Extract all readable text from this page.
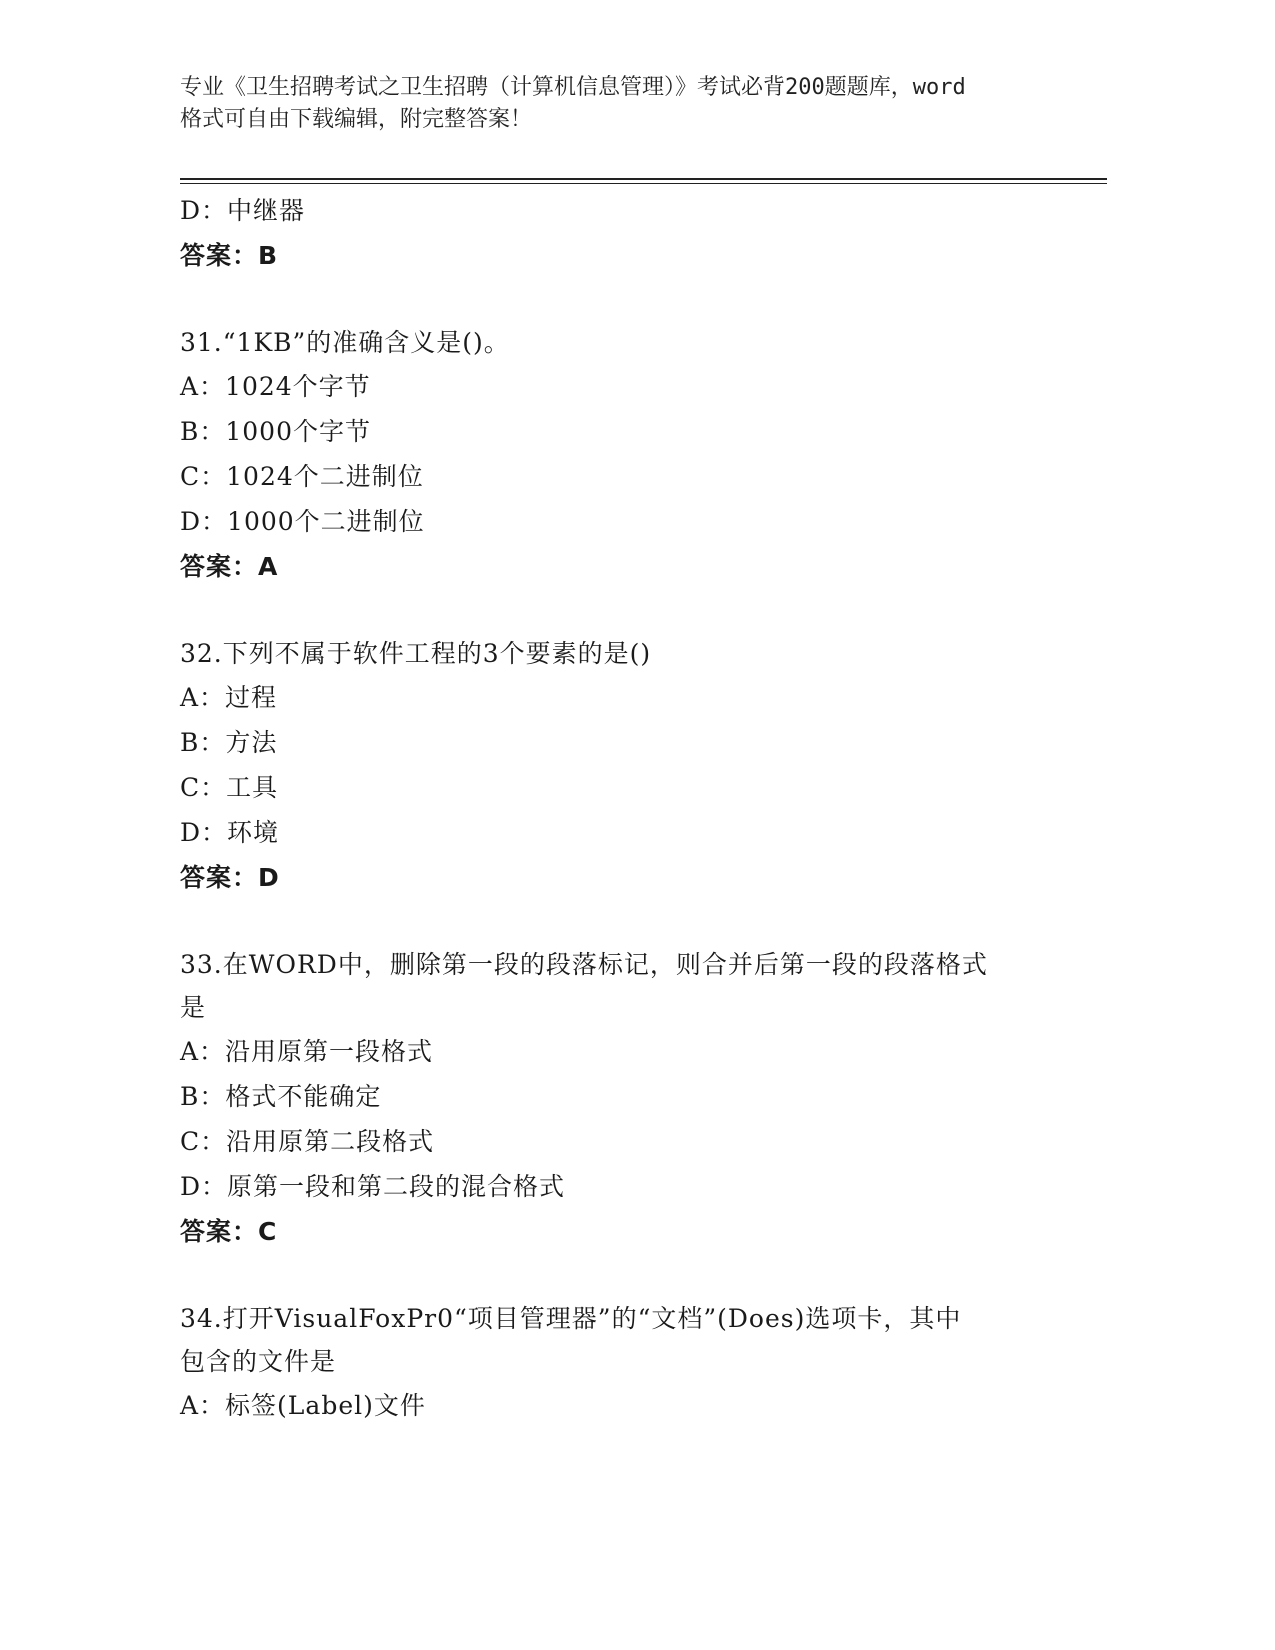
专业《卫生招聘考试之卫生招聘（计算机信息管理）》考试必背200题题库，word
格式可自由下载编辑，附完整答案！
D：中继器
答案：B
31.“1KB”的准确含义是()。
A：1024个字节
B：1000个字节
C：1024个二进制位
D：1000个二进制位
答案：A
32.下列不属于软件工程的3个要素的是()
A：过程
B：方法
C：工具
D：环境
答案：D
33.在WORD中，删除第一段的段落标记，则合并后第一段的段落格式
是
A：沿用原第一段格式
B：格式不能确定
C：沿用原第二段格式
D：原第一段和第二段的混合格式
答案：C
34.打开VisualFoxPr0“项目管理器”的“文档”(Does)选项卡，其中
包含的文件是
A：标签(Label)文件
